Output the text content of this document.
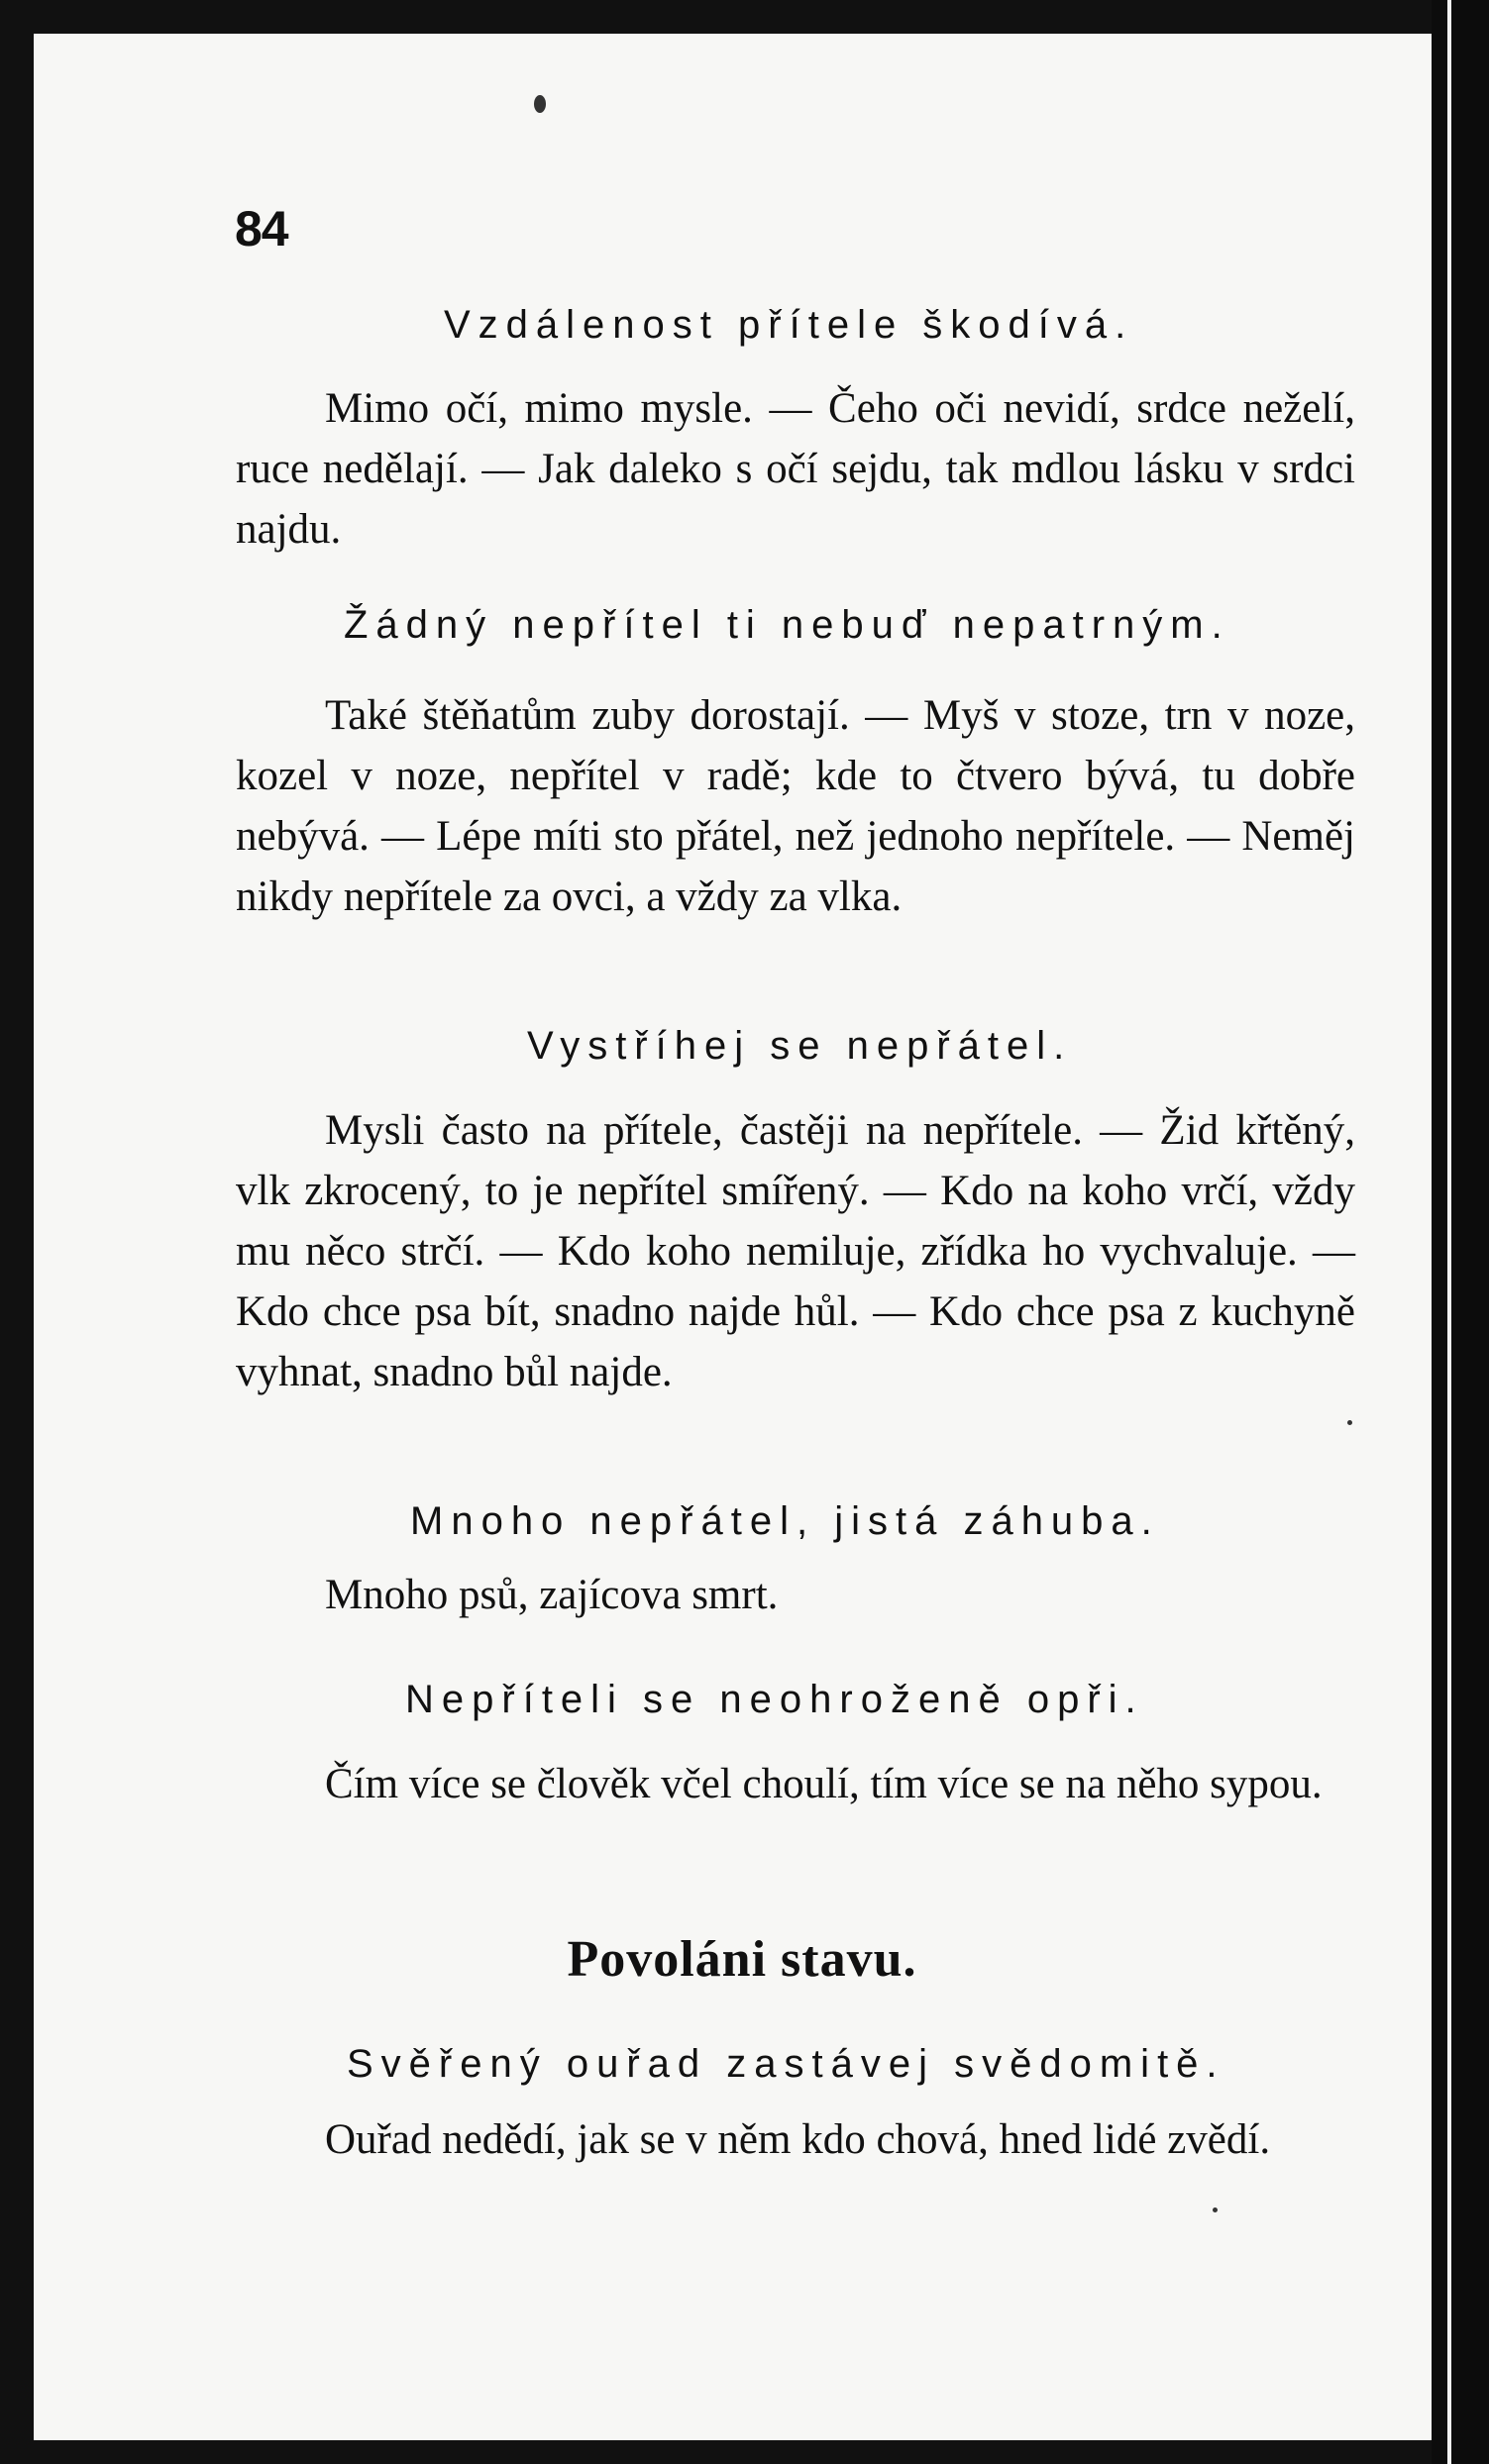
84
Vzdálenost přítele škodívá.
Mimo očí, mimo mysle. — Čeho oči nevidí, srdce neželí, ruce nedělají. — Jak daleko s očí sejdu, tak mdlou lásku v srdci najdu.
Žádný nepřítel ti nebuď nepatrným.
Také štěňatům zuby dorostají. — Myš v stoze, trn v noze, kozel v noze, nepřítel v radě; kde to čtvero bývá, tu dobře nebývá. — Lépe míti sto přátel, než jednoho nepřítele. — Neměj nikdy nepřítele za ovci, a vždy za vlka.
Vystříhej se nepřátel.
Mysli často na přítele, častěji na nepřítele. — Žid křtěný, vlk zkrocený, to je nepřítel smířený. — Kdo na koho vrčí, vždy mu něco strčí. — Kdo koho nemiluje, zřídka ho vychvaluje. — Kdo chce psa bít, snadno najde hůl. — Kdo chce psa z kuchyně vyhnat, snadno bůl najde.
Mnoho nepřátel, jistá záhuba.
Mnoho psů, zajícova smrt.
Nepříteli se neohroženě opři.
Čím více se člověk včel choulí, tím více se na něho sypou.
Povoláni stavu.
Svěřený ouřad zastávej svědomitě.
Ouřad nedědí, jak se v něm kdo chová, hned lidé zvědí.
